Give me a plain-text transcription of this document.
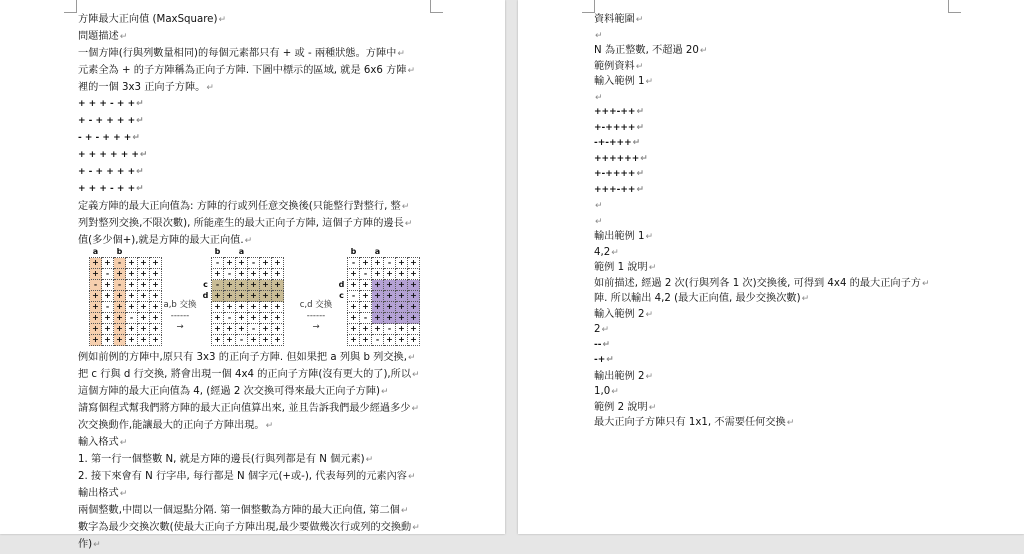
方陣最大正向值 (MaxSquare)↵
問題描述↵
一個方陣(行與列數量相同)的每個元素都只有 + 或 - 兩種狀態。方陣中↵
元素全為 + 的子方陣稱為正向子方陣. 下圖中標示的區域, 就是 6x6 方陣↵
裡的一個 3x3 正向子方陣。↵
+ + + - + +↵
+ - + + + +↵
- + - + + +↵
+ + + + + +↵
+ - + + + +↵
+ + + - + +↵
定義方陣的最大正向值為: 方陣的行或列任意交換後(只能整行對整行, 整↵
列對整列交換,不限次數), 所能產生的最大正向子方陣, 這個子方陣的邊長↵
值(多少個+),就是方陣的最大正向值.↵
	a		b			
	+	+	-	+	+	+
	+	-	+	+	+	+
	-	+	-	+	+	+
	+	+	+	+	+	+
	+	-	+	+	+	+
	+	+	+	-	+	+
	+	+	+	+	+	+
	+	+	+	+	+	+
a,b 交換
------
→
	b		a			
	-	+	+	-	+	+
	+	-	+	+	+	+
c	-	+	+	+	+	+
d	+	+	+	+	+	+
	+	+	+	+	+	+
	+	-	+	+	+	+
	+	+	+	-	+	+
	+	+	-	+	+	+
c,d 交換
------
→
	b		a			
	-	+	+	-	+	+
	+	-	+	+	+	+
d	+	+	+	+	+	+
c	-	+	+	+	+	+
	+	+	+	+	+	+
	+	-	+	+	+	+
	+	+	+	-	+	+
	+	+	-	+	+	+
例如前例的方陣中,原只有 3x3 的正向子方陣. 但如果把 a 列與 b 列交換,↵
把 c 行與 d 行交換, 將會出現一個 4x4 的正向子方陣(沒有更大的了),所以↵
這個方陣的最大正向值為 4, (經過 2 次交換可得來最大正向子方陣)↵
請寫個程式幫我們將方陣的最大正向值算出來, 並且告訴我們最少經過多少↵
次交換動作,能讓最大的正向子方陣出現。↵
輸入格式↵
1. 第一行一個整數 N, 就是方陣的邊長(行與列都是有 N 個元素)↵
2. 接下來會有 N 行字串, 每行都是 N 個字元(+或-), 代表每列的元素內容↵
輸出格式↵
兩個整數,中間以一個逗點分隔. 第一個整數為方陣的最大正向值, 第二個↵
數字為最少交換次數(使最大正向子方陣出現,最少要做幾次行或列的交換動↵
作)↵
資料範圍↵
↵
N 為正整數, 不超過 20↵
範例資料↵
輸入範例 1↵
↵
+++-++↵
+-++++↵
-+-+++↵
++++++↵
+-++++↵
+++-++↵
↵
↵
輸出範例 1↵
4,2↵
範例 1 說明↵
如前描述, 經過 2 次(行與列各 1 次)交換後, 可得到 4x4 的最大正向子方↵
陣. 所以輸出 4,2 (最大正向值, 最少交換次數)↵
輸入範例 2↵
2↵
--↵
-+↵
輸出範例 2↵
1,0↵
範例 2 說明↵
最大正向子方陣只有 1x1, 不需要任何交換↵
